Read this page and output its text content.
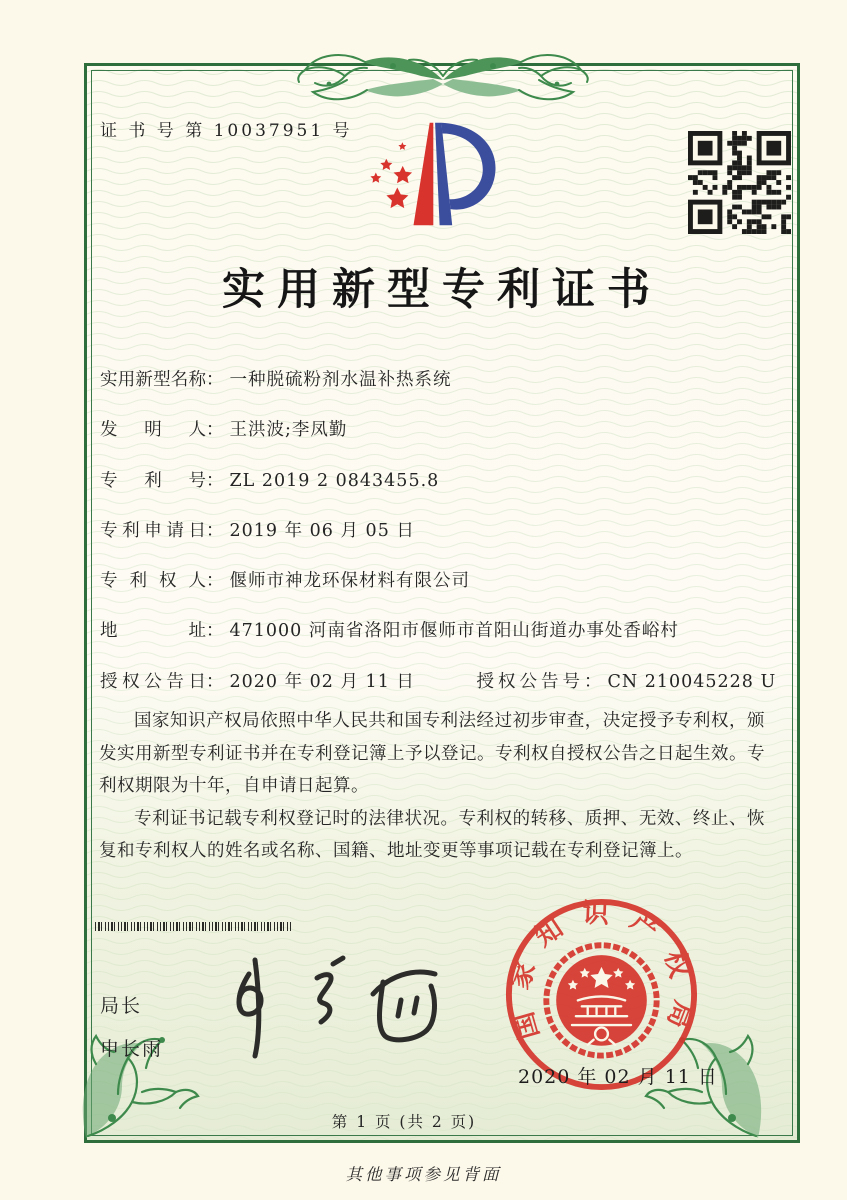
证 书 号 第 10037951 号
实用新型专利证书
实用新型名称： 一种脱硫粉剂水温补热系统
发明人： 王洪波;李凤勤
专利号： ZL 2019 2 0843455.8
专利申请日： 2019 年 06 月 05 日
专利权人： 偃师市神龙环保材料有限公司
地址： 471000 河南省洛阳市偃师市首阳山街道办事处香峪村
授权公告日： 2020 年 02 月 11 日	授权公告号： CN 210045228 U

国家知识产权局依照中华人民共和国专利法经过初步审查，决定授予专利权，颁发实用新型专利证书并在专利登记簿上予以登记。专利权自授权公告之日起生效。专利权期限为十年，自申请日起算。

专利证书记载专利权登记时的法律状况。专利权的转移、质押、无效、终止、恢复和专利权人的姓名或名称、国籍、地址变更等事项记载在专利登记簿上。

局长
申长雨
国家知识产权局
2020 年 02 月 11 日
第 1 页 (共 2 页)
其他事项参见背面
